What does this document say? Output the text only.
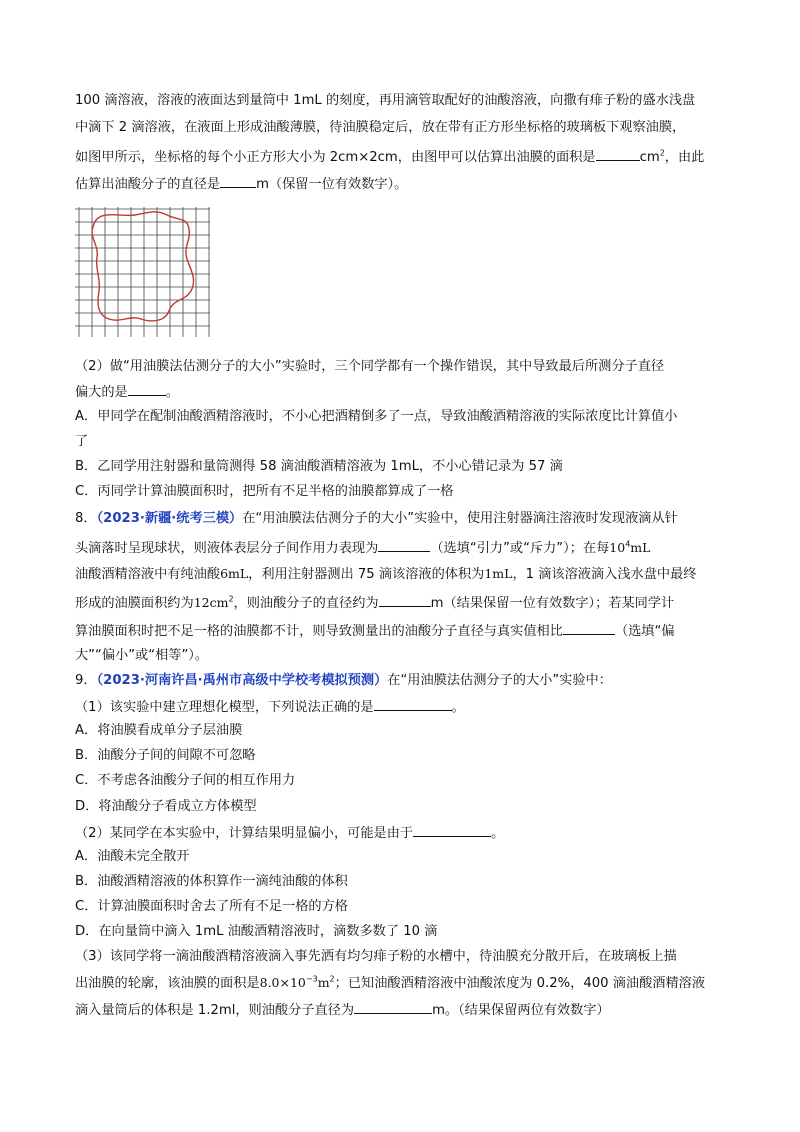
100 滴溶液，溶液的液面达到量筒中 1mL 的刻度，再用滴管取配好的油酸溶液，向撒有痱子粉的盛水浅盘
中滴下 2 滴溶液，在液面上形成油酸薄膜，待油膜稳定后，放在带有正方形坐标格的玻璃板下观察油膜，
如图甲所示，坐标格的每个小正方形大小为 2cm×2cm，由图甲可以估算出油膜的面积是	$cm^2$，由此
估算出油酸分子的直径是	m（保留一位有效数字）。
（2）做“用油膜法估测分子的大小”实验时，三个同学都有一个操作错误，其中导致最后所测分子直径
偏大的是	。
A．甲同学在配制油酸酒精溶液时，不小心把酒精倒多了一点，导致油酸酒精溶液的实际浓度比计算值小
了
B．乙同学用注射器和量筒测得 58 滴油酸酒精溶液为 1mL，不小心错记录为 57 滴
C．丙同学计算油膜面积时，把所有不足半格的油膜都算成了一格
8．（2023·新疆·统考三模）在“用油膜法估测分子的大小”实验中，使用注射器滴注溶液时发现液滴从针
头滴落时呈现球状，则液体表层分子间作用力表现为	（选填“引力”或“斥力”）；在每$10^4mL$
油酸酒精溶液中有纯油酸6mL，利用注射器测出 75 滴该溶液的体积为1mL，1 滴该溶液滴入浅水盘中最终
形成的油膜面积约为$12cm^2$，则油酸分子的直径约为	m（结果保留一位有效数字）；若某同学计
算油膜面积时把不足一格的油膜都不计，则导致测量出的油酸分子直径与真实值相比	（选填“偏
大”“偏小”或“相等”）。
9．（2023·河南许昌·禹州市高级中学校考模拟预测）在“用油膜法估测分子的大小”实验中：
（1）该实验中建立理想化模型，下列说法正确的是	。
A．将油膜看成单分子层油膜
B．油酸分子间的间隙不可忽略
C．不考虑各油酸分子间的相互作用力
D．将油酸分子看成立方体模型
（2）某同学在本实验中，计算结果明显偏小，可能是由于	。
A．油酸未完全散开
B．油酸酒精溶液的体积算作一滴纯油酸的体积
C．计算油膜面积时舍去了所有不足一格的方格
D．在向量筒中滴入 1mL 油酸酒精溶液时，滴数多数了 10 滴
（3）该同学将一滴油酸酒精溶液滴入事先洒有均匀痱子粉的水槽中，待油膜充分散开后，在玻璃板上描
出油膜的轮廓，该油膜的面积是$8.0\times 10^{-3}m^2$；已知油酸酒精溶液中油酸浓度为 0.2%，400 滴油酸酒精溶液
滴入量筒后的体积是 1.2ml，则油酸分子直径为	m。（结果保留两位有效数字）
